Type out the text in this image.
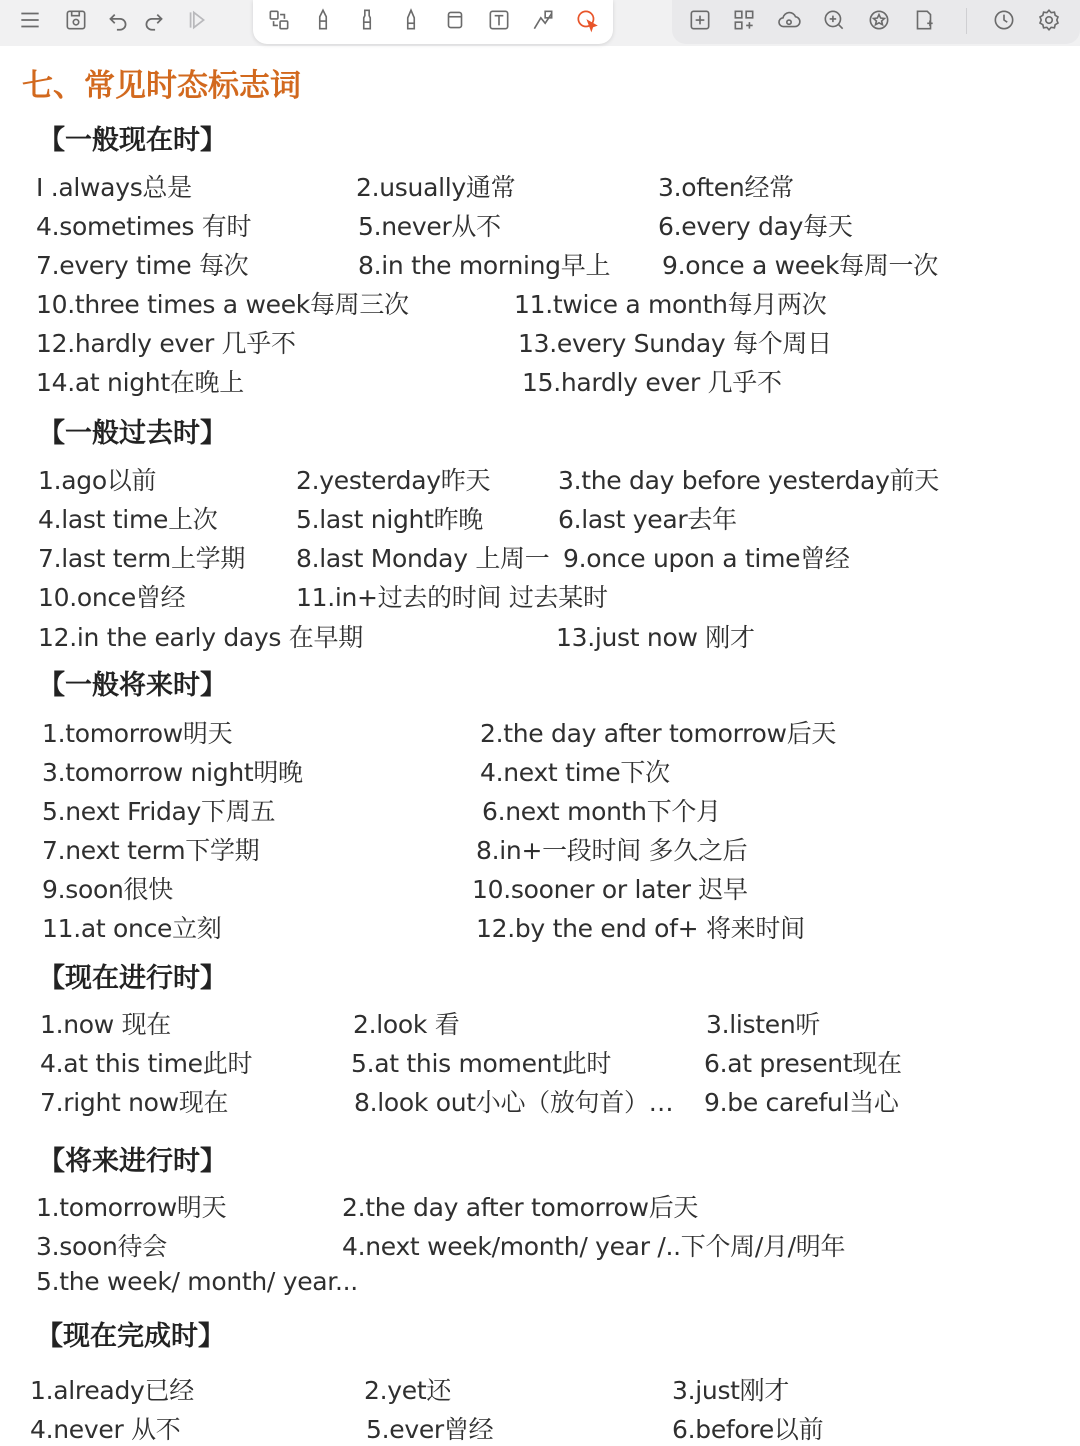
七、常见时态标志词
【一般现在时】
I .always总是	2.usually通常	3.often经常
4.sometimes 有时	5.never从不	6.every day每天
7.every time 每次	8.in the morning早上 9.once a week每周一次
10.three times a week每周三次	11.twice a month每月两次
12.hardly ever 几乎不	13.every Sunday 每个周日
14.at night在晚上	15.hardly ever 几乎不
【一般过去时】
1.ago以前	2.yesterday昨天	3.the day before yesterday前天
4.last time上次	5.last night昨晚	6.last year去年
7.last term上学期 8.last Monday 上周一 9.once upon a time曾经
10.once曾经	11.in+过去的时间 过去某时
12.in the early days 在早期	13.just now 刚才
【一般将来时】
1.tomorrow明天	2.the day after tomorrow后天
3.tomorrow night明晚	4.next time下次
5.next Friday下周五	6.next month下个月
7.next term下学期	8.in+一段时间 多久之后
9.soon很快	10.sooner or later 迟早
11.at once立刻	12.by the end of+ 将来时间
【现在进行时】
1.now 现在	2.look 看	3.listen听
4.at this time此时	5.at this moment此时	6.at present现在
7.right now现在	8.look out小心（放句首）… 9.be careful当心
【将来进行时】
1.tomorrow明天	2.the day after tomorrow后天
3.soon待会	4.next week/month/ year /..下个周/月/明年
5.the week/ month/ year...
【现在完成时】
1.already已经	2.yet还	3.just刚才
4.never 从不	5.ever曾经	6.before以前
